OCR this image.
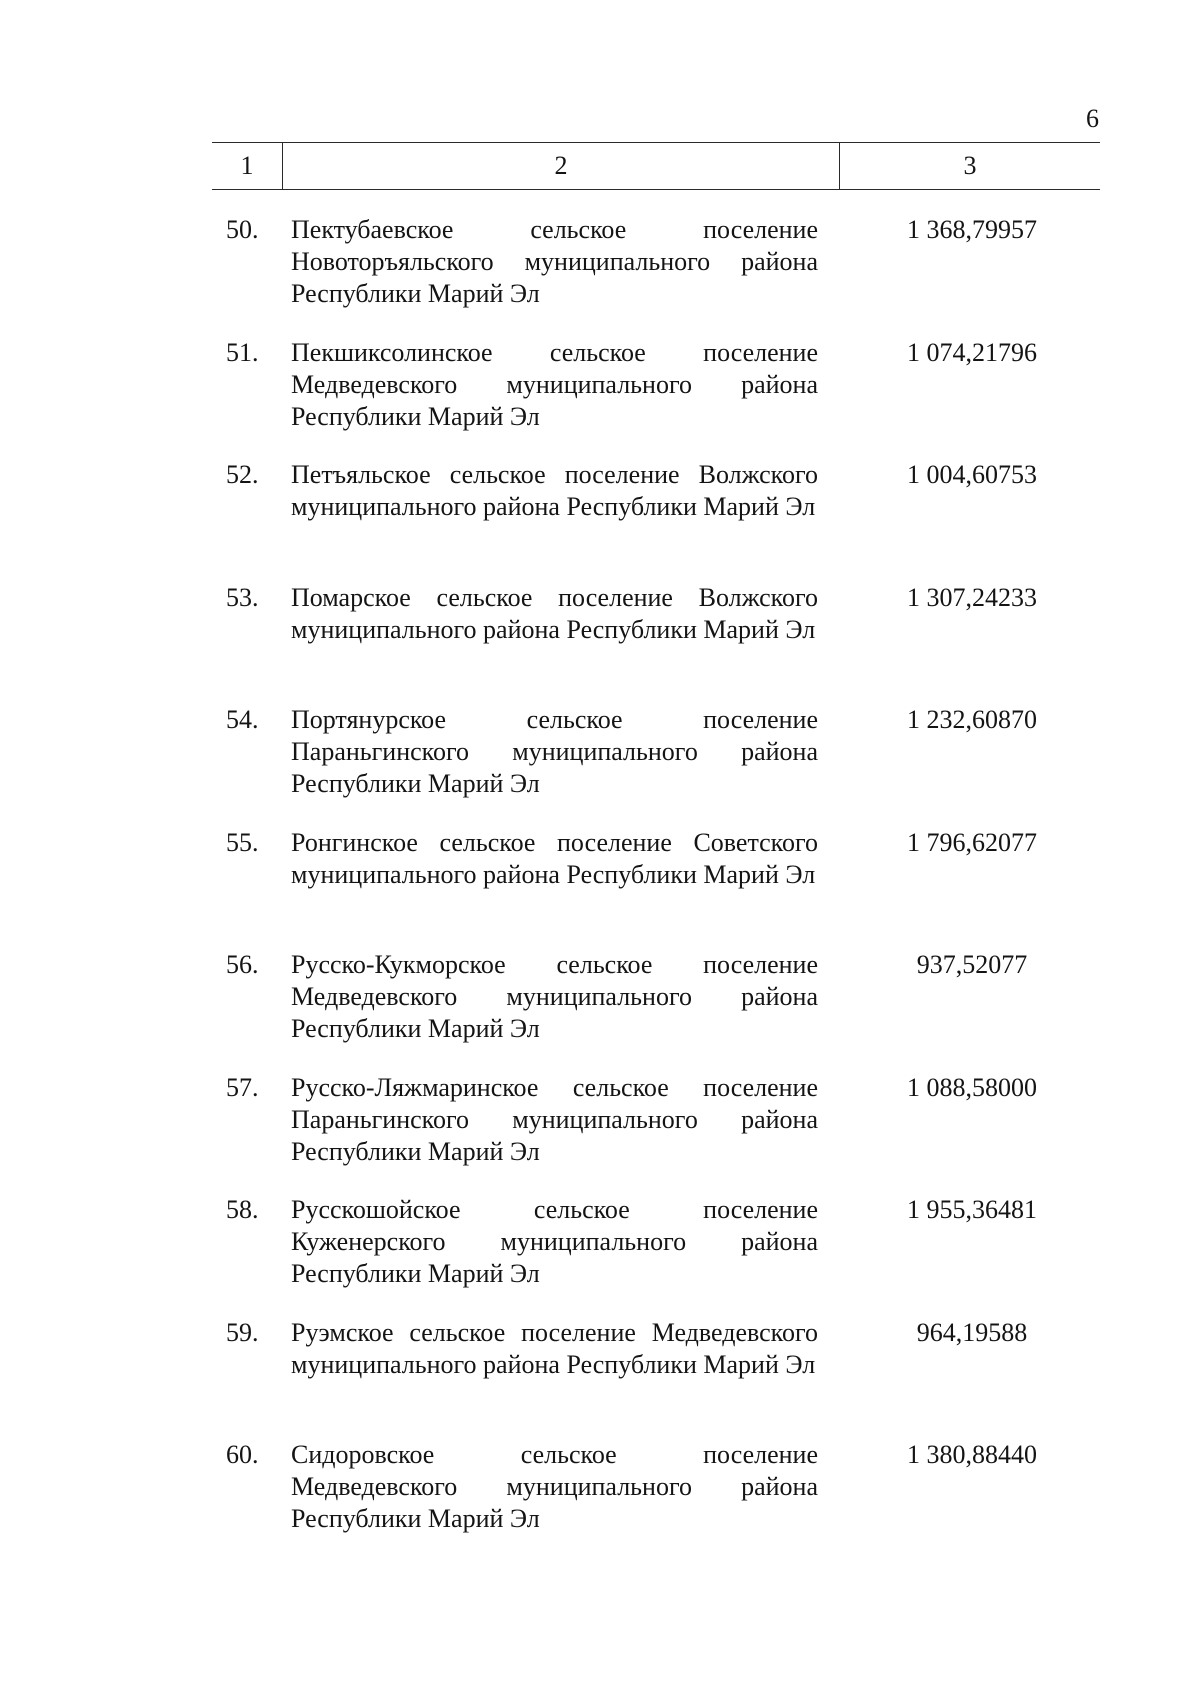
6
1	2	3
50. Пектубаевское сельское поселение Новоторъяльского муниципального района Республики Марий Эл
1 368,79957
51. Пекшиксолинское сельское поселение Медведевского муниципального района Республики Марий Эл
1 074,21796
52. Петъяльское сельское поселение Волжского муниципального района Республики Марий Эл
1 004,60753
53. Помарское сельское поселение Волжского муниципального района Республики Марий Эл
1 307,24233
54. Портянурское сельское поселение Параньгинского муниципального района Республики Марий Эл
1 232,60870
55. Ронгинское сельское поселение Советского муниципального района Республики Марий Эл
1 796,62077
56. Русско-Кукморское сельское поселение Медведевского муниципального района Республики Марий Эл
937,52077
57. Русско-Ляжмаринское сельское поселение Параньгинского муниципального района Республики Марий Эл
1 088,58000
58. Русскошойское сельское поселение Куженерского муниципального района Республики Марий Эл
1 955,36481
59. Руэмское сельское поселение Медведевского муниципального района Республики Марий Эл
964,19588
60. Сидоровское сельское поселение Медведевского муниципального района Республики Марий Эл
1 380,88440
